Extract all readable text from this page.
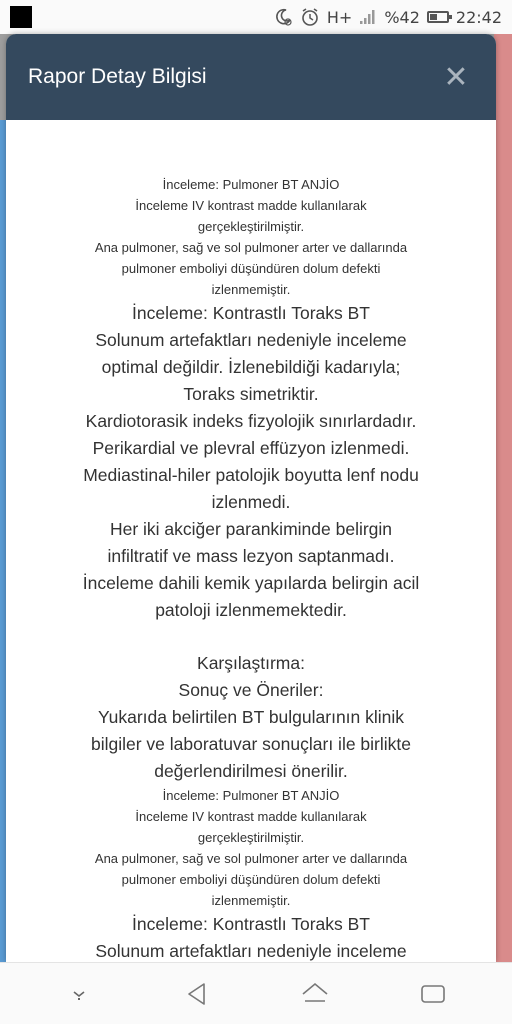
H+ %42 22:42
Rapor Detay Bilgisi	✕
İnceleme: Pulmoner BT ANJİO
İnceleme IV kontrast madde kullanılarak
gerçekleştirilmiştir.
Ana pulmoner, sağ ve sol pulmoner arter ve dallarında
pulmoner emboliyi düşündüren dolum defekti
izlenmemiştir.
İnceleme: Kontrastlı Toraks BT
Solunum artefaktları nedeniyle inceleme
optimal değildir. İzlenebildiği kadarıyla;
Toraks simetriktir.
Kardiotorasik indeks fizyolojik sınırlardadır.
Perikardial ve plevral effüzyon izlenmedi.
Mediastinal-hiler patolojik boyutta lenf nodu
izlenmedi.
Her iki akciğer parankiminde belirgin
infiltratif ve mass lezyon saptanmadı.
İnceleme dahili kemik yapılarda belirgin acil
patoloji izlenmemektedir.
Karşılaştırma:
Sonuç ve Öneriler:
Yukarıda belirtilen BT bulgularının klinik
bilgiler ve laboratuvar sonuçları ile birlikte
değerlendirilmesi önerilir.
İnceleme: Pulmoner BT ANJİO
İnceleme IV kontrast madde kullanılarak
gerçekleştirilmiştir.
Ana pulmoner, sağ ve sol pulmoner arter ve dallarında
pulmoner emboliyi düşündüren dolum defekti
izlenmemiştir.
İnceleme: Kontrastlı Toraks BT
Solunum artefaktları nedeniyle inceleme
